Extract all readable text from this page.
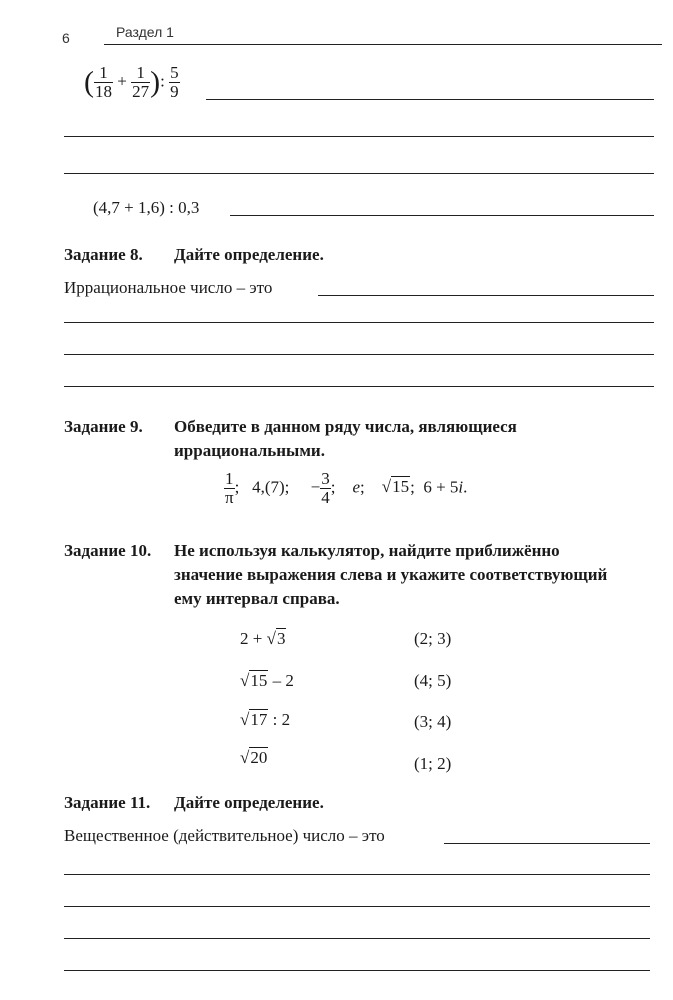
6	Раздел 1
( $\frac{1}{18} + \frac{1}{27}$ ): $\frac{5}{9}$
(4,7 + 1,6) : 0,3
Задание 8. Дайте определение.
Иррациональное число – это
Задание 9. Обведите в данном ряду числа, являющиеся
иррациональными.
$\frac{1}{\pi}$ ; 4,(7); − $\frac{3}{4}$ ; e; √15; 6 + 5i.
Задание 10. Не используя калькулятор, найдите приближённо
значение выражения слева и укажите соответствующий
ему интервал справа.
2 + √3	(2; 3)
√15 – 2	(4; 5)
√17 : 2	(3; 4)
√20	(1; 2)
Задание 11. Дайте определение.
Вещественное (действительное) число – это
